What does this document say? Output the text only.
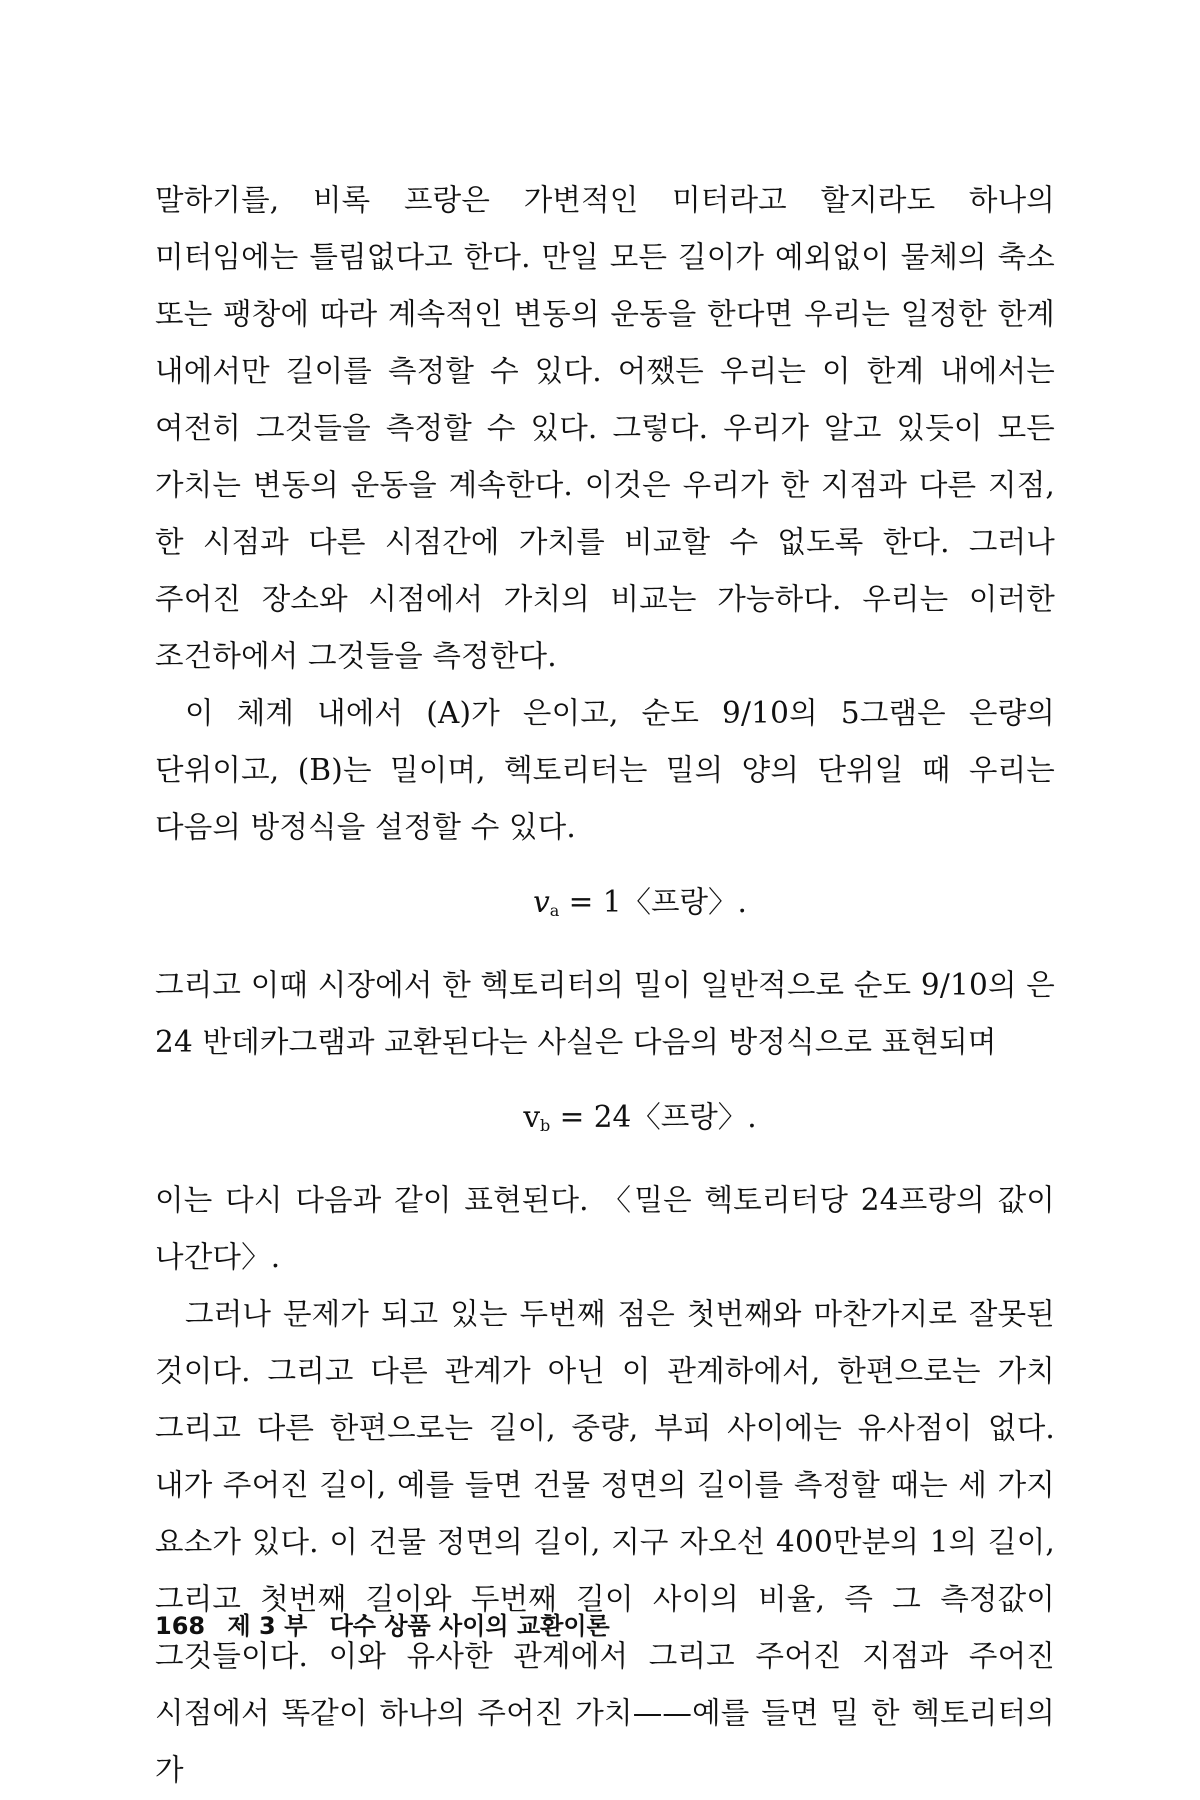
말하기를, 비록 프랑은 가변적인 미터라고 할지라도 하나의 미터임에는 틀림없다고 한다. 만일 모든 길이가 예외없이 물체의 축소 또는 팽창에 따라 계속적인 변동의 운동을 한다면 우리는 일정한 한계 내에서만 길이를 측정할 수 있다. 어쨌든 우리는 이 한계 내에서는 여전히 그것들을 측정할 수 있다. 그렇다. 우리가 알고 있듯이 모든 가치는 변동의 운동을 계속한다. 이것은 우리가 한 지점과 다른 지점, 한 시점과 다른 시점간에 가치를 비교할 수 없도록 한다. 그러나 주어진 장소와 시점에서 가치의 비교는 가능하다. 우리는 이러한 조건하에서 그것들을 측정한다.

이 체계 내에서 (A)가 은이고, 순도 9/10의 5그램은 은량의 단위이고, (B)는 밀이며, 헥토리터는 밀의 양의 단위일 때 우리는 다음의 방정식을 설정할 수 있다.

$v_a = 1$〈프랑〉.

그리고 이때 시장에서 한 헥토리터의 밀이 일반적으로 순도 9/10의 은 24 반데카그램과 교환된다는 사실은 다음의 방정식으로 표현되며

$v_b = 24$〈프랑〉.

이는 다시 다음과 같이 표현된다. 〈밀은 헥토리터당 24프랑의 값이 나간다〉.

그러나 문제가 되고 있는 두번째 점은 첫번째와 마찬가지로 잘못된 것이다. 그리고 다른 관계가 아닌 이 관계하에서, 한편으로는 가치 그리고 다른 한편으로는 길이, 중량, 부피 사이에는 유사점이 없다. 내가 주어진 길이, 예를 들면 건물 정면의 길이를 측정할 때는 세 가지 요소가 있다. 이 건물 정면의 길이, 지구 자오선 400만분의 1의 길이, 그리고 첫번째 길이와 두번째 길이 사이의 비율, 즉 그 측정값이 그것들이다. 이와 유사한 관계에서 그리고 주어진 지점과 주어진 시점에서 똑같이 하나의 주어진 가치——예를 들면 밀 한 헥토리터의 가

168 제 3 부 다수 상품 사이의 교환이론
